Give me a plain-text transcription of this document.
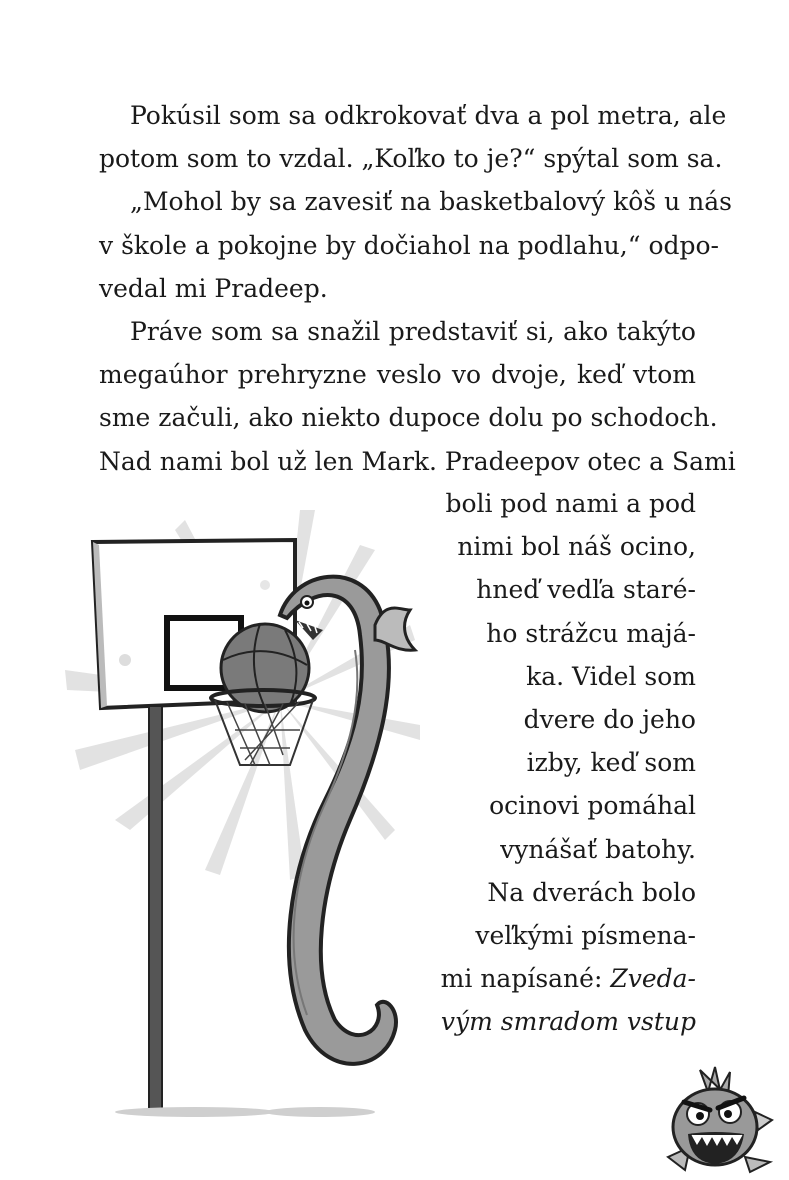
Pokúsil som sa odkrokovať dva a pol metra, ale
potom som to vzdal. „Koľko to je?“ spýtal som sa.
„Mohol by sa zavesiť na basketbalový kôš u nás
v škole a pokojne by dočiahol na podlahu,“ odpo-
vedal mi Pradeep.
Práve som sa snažil predstaviť si, ako takýto
megaúhor prehryzne veslo vo dvoje, keď vtom
sme začuli, ako niekto dupoce dolu po schodoch.
Nad nami bol už len Mark. Pradeepov otec a Sami
boli pod nami a pod
nimi bol náš ocino,
hneď vedľa staré-
ho strážcu majá-
ka. Videl som
dvere do jeho
izby, keď som
ocinovi pomáhal
vynášať batohy.
Na dverách bolo
veľkými písmena-
mi napísané: Zveda-
vým smradom vstup
